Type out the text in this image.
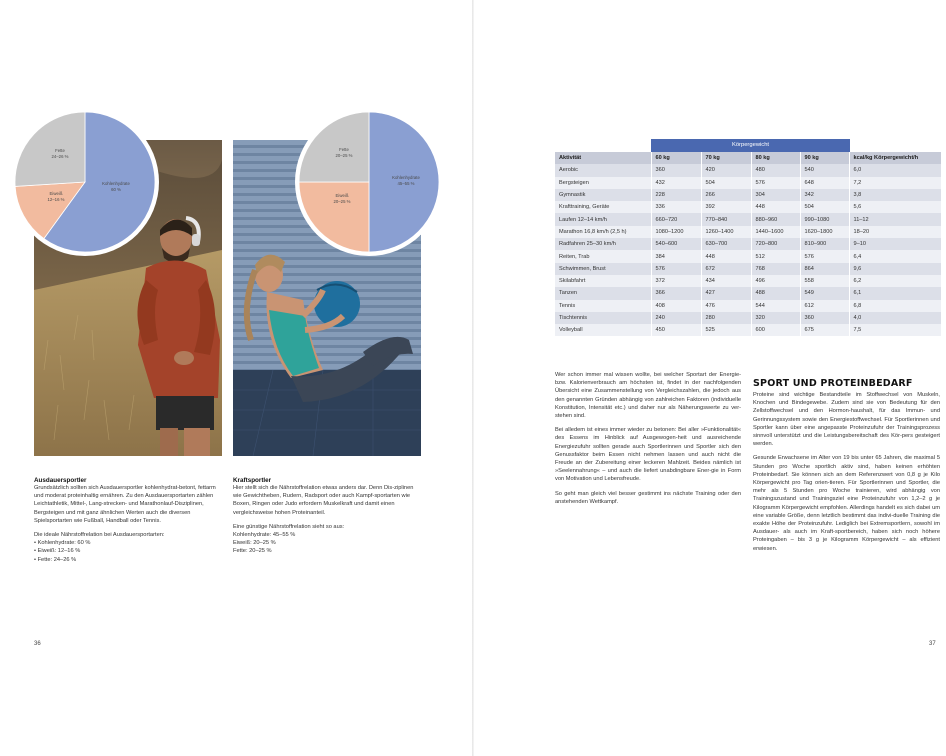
Kohlenhydrate
60 %
Eiweiß
12–16 %
Fette
24–26 %
Kohlenhydrate
45–55 %
Eiweiß
20–25 %
Fette
20–25 %
Ausdauersportler

Grundsätzlich sollten sich Ausdauersportler kohlenhydrat-betont, fettarm und moderat proteinhaltig ernähren. Zu den Ausdauersportarten zählen Leichtathletik, Mittel-, Lang-strecken- und Marathonlauf-Disziplinen, Bergsteigen und mit ganz ähnlichen Werten auch die diversen Spielsportarten wie Fußball, Handball oder Tennis.

Die ideale Nährstoffrelation bei Ausdauersportarten:
• Kohlenhydrate: 60 %
• Eiweiß: 12–16 %
• Fette: 24–26 %
Kraftsportler

Hier stellt sich die Nährstoffrelation etwas anders dar. Denn Dis-ziplinen wie Gewichtheben, Rudern, Radsport oder auch Kampf-sportarten wie Boxen, Ringen oder Judo erfordern Muskelkraft und damit einen vergleichsweise hohen Proteinanteil.

Eine günstige Nährstoffrelation sieht so aus:
Kohlenhydrate: 45–55 %
Eiweiß: 20–25 %
Fette: 20–25 %
36
Körpergewicht
Aktivität	60 kg	70 kg	80 kg	90 kg	kcal/kg Körpergewicht/h
Aerobic	360	420	480	540	6,0
Bergsteigen	432	504	576	648	7,2
Gymnastik	228	266	304	342	3,8
Krafttraining, Geräte	336	392	448	504	5,6
Laufen 12–14 km/h	660–720	770–840	880–960	990–1080	11–12
Marathon 16,8 km/h (2,5 h)	1080–1200	1260–1400	1440–1600	1620–1800	18–20
Radfahren 25–30 km/h	540–600	630–700	720–800	810–900	9–10
Reiten, Trab	384	448	512	576	6,4
Schwimmen, Brust	576	672	768	864	9,6
Skilabfahrt	372	434	496	558	6,2
Tanzen	366	427	488	549	6,1
Tennis	408	476	544	612	6,8
Tischtennis	240	280	320	360	4,0
Volleyball	450	525	600	675	7,5

Wer schon immer mal wissen wollte, bei welcher Sportart der Energie- bzw. Kalorienverbrauch am höchsten ist, findet in der nachfolgenden Übersicht eine Zusammenstellung von Vergleichszahlen, die jedoch aus den genannten Gründen abhängig von zahlreichen Faktoren (individuelle Konstitution, Intensität etc.) und daher nur als Näherungswerte zu ver-stehen sind.

Bei alledem ist eines immer wieder zu betonen: Bei aller »Funktionalität« des Essens im Hinblick auf Ausgewogen-heit und ausreichende Energiezufuhr sollten gerade auch Sportlerinnen und Sportler sich den Genussfaktor beim Essen nicht nehmen lassen und auch nicht die Freude an der Zubereitung einer leckeren Mahlzeit. Beides nämlich ist »Seelennahrung« – und auch die liefert unabdingbare Ener-gie in Form von Motivation und Lebensfreude.

So geht man gleich viel besser gestimmt ins nächste Training oder den anstehenden Wettkampf.

SPORT UND PROTEINBEDARF

Proteine sind wichtige Bestandteile im Stoffwechsel von Muskeln, Knochen und Bindegewebe. Zudem sind sie von Bedeutung für den Zellstoffwechsel und den Hormon-haushalt, für das Immun- und Gerinnungssystem sowie den Energiestoffwechsel. Für Sportlerinnen und Sportler kann über eine angepasste Proteinzufuhr der Trainingsprozess sinnvoll unterstützt und die Leistungsbereitschaft des Kör-pers gesteigert werden.

Gesunde Erwachsene im Alter von 19 bis unter 65 Jahren, die maximal 5 Stunden pro Woche sportlich aktiv sind, haben keinen erhöhten Proteinbedarf. Sie können sich an dem Referenzwert von 0,8 g je Kilo Körpergewicht pro Tag orien-tieren. Für Sportlerinnen und Sportler, die mehr als 5 Stunden pro Woche trainieren, wird abhängig von Trainingszustand und Trainingsziel eine Proteinzufuhr von 1,2–2 g je Kilogramm Körpergewicht empfohlen. Allerdings handelt es sich dabei um eine variable Größe, denn letztlich bestimmt das indivi-duelle Training die exakte Höhe der Proteinzufuhr. Lediglich bei Extremsportlern, sowohl im Ausdauer- als auch im Kraft-sportbereich, haben sich noch höhere Proteingaben – bis 3 g je Kilogramm Körpergewicht – als effizient erwiesen.

37
